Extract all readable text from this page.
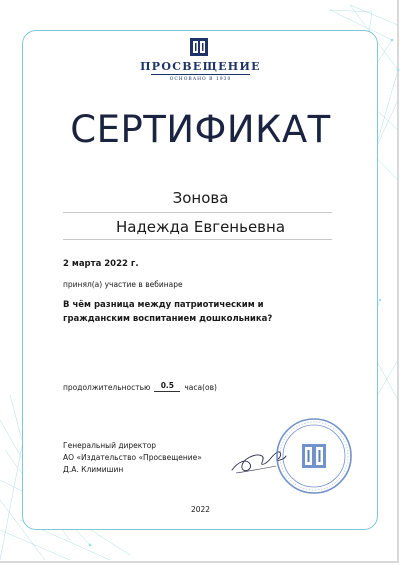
ПРОСВЕЩЕНИЕ
ОСНОВАНО В 1930
СЕРТИФИКАТ
Зонова
Надежда Евгеньевна
2 марта 2022 г.
принял(а) участие в вебинаре
В чём разница между патриотическим и гражданским воспитанием дошкольника?
продолжительностью	0.5	часа(ов)
Генеральный директор
АО «Издательство «Просвещение»
Д.А. Климишин
2022
